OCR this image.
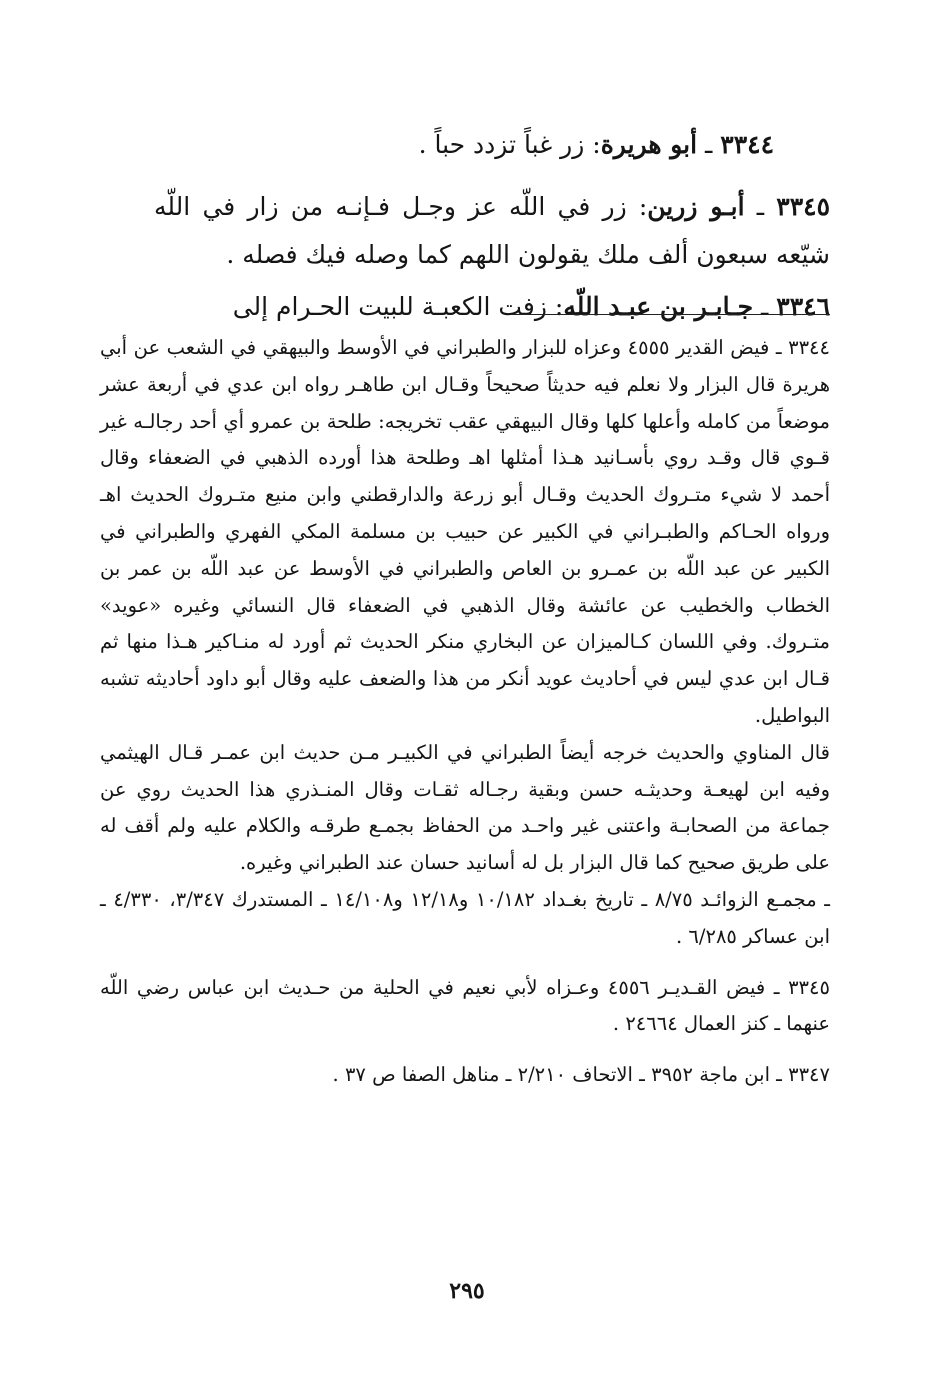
٣٣٤٤ ـ أبو هريرة: زر غباً تزدد حباً .

٣٣٤٥ ـ أبـو زرين: زر في اللّه عز وجـل فـإنـه من زار في اللّه شيّعه سبعون ألف ملك يقولون اللهم كما وصله فيك فصله .

٣٣٤٦ ـ جـابـر بن عبـد اللّه: زفت الكعبـة للبيت الحـرام إلى

٣٣٤٤ ـ فيض القدير ٤٥٥٥ وعزاه للبزار والطبراني في الأوسط والبيهقي في الشعب عن أبي هريرة قال البزار ولا نعلم فيه حديثاً صحيحاً وقـال ابن طاهـر رواه ابن عدي في أربعة عشر موضعاً من كامله وأعلها كلها وقال البيهقي عقب تخريجه: طلحة بن عمرو أي أحد رجالـه غير قـوي قال وقـد روي بأسـانيد هـذا أمثلها اهـ وطلحة هذا أورده الذهبي في الضعفاء وقال أحمد لا شيء متـروك الحديث وقـال أبو زرعة والدارقطني وابن منيع متـروك الحديث اهـ ورواه الحـاكم والطبـراني في الكبير عن حبيب بن مسلمة المكي الفهري والطبراني في الكبير عن عبد اللّه بن عمـرو بن العاص والطبراني في الأوسط عن عبد اللّه بن عمر بن الخطاب والخطيب عن عائشة وقال الذهبي في الضعفاء قال النسائي وغيره «عويد» متـروك. وفي اللسان كـالميزان عن البخاري منكر الحديث ثم أورد له منـاكير هـذا منها ثم قـال ابن عدي ليس في أحاديث عويد أنكر من هذا والضعف عليه وقال أبو داود أحاديثه تشبه البواطيل.

قال المناوي والحديث خرجه أيضاً الطبراني في الكبيـر مـن حديث ابن عمـر قـال الهيثمي وفيه ابن لهيعـة وحديثـه حسن وبقية رجـاله ثقـات وقال المنـذري هذا الحديث روي عن جماعة من الصحابـة واعتنى غير واحـد من الحفاظ بجمـع طرقـه والكلام عليه ولم أقف له على طريق صحيح كما قال البزار بل له أسانيد حسان عند الطبراني وغيره.

ـ مجمـع الزوائـد ٨/٧٥ ـ تاريخ بغـداد ١٠/١٨٢ و١٢/١٨ و١٤/١٠٨ ـ المستدرك ٣/٣٤٧، ٤/٣٣٠ ـ ابن عساكر ٦/٢٨٥ .

٣٣٤٥ ـ فيض القـديـر ٤٥٥٦ وعـزاه لأبي نعيم في الحلية من حـديث ابن عباس رضي اللّه عنهما ـ كنز العمال ٢٤٦٦٤ .

٣٣٤٧ ـ ابن ماجة ٣٩٥٢ ـ الاتحاف ٢/٢١٠ ـ مناهل الصفا ص ٣٧ .

٢٩٥
